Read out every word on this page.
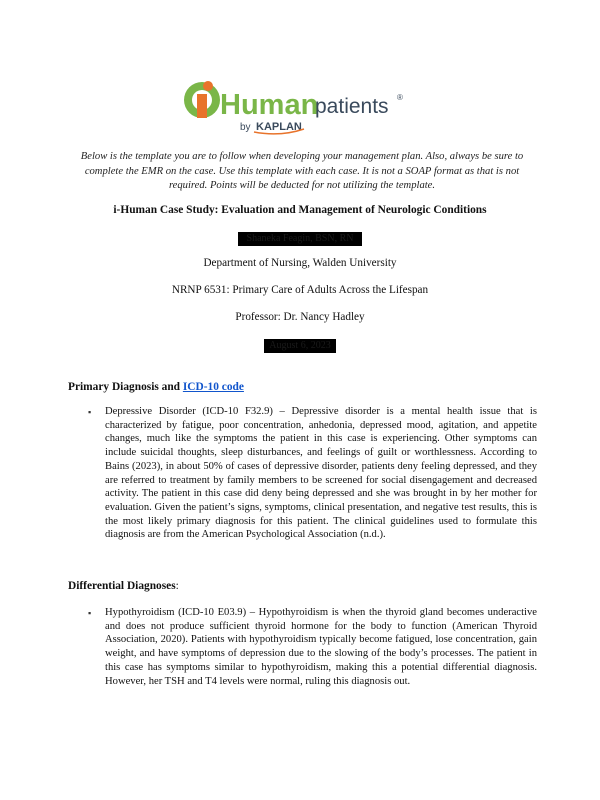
Human
patients ®
by KAPLAN
Below is the template you are to follow when developing your management plan. Also, always be sure to complete the EMR on the case. Use this template with each case. It is not a SOAP format as that is not required. Points will be deducted for not utilizing the template.
i-Human Case Study: Evaluation and Management of Neurologic Conditions
Shaneka Feagin, BSN, RN
Department of Nursing, Walden University
NRNP 6531: Primary Care of Adults Across the Lifespan
Professor: Dr. Nancy Hadley
August 6, 2023
Primary Diagnosis and ICD-10 code
▪ Depressive Disorder (ICD-10 F32.9) – Depressive disorder is a mental health issue that is characterized by fatigue, poor concentration, anhedonia, depressed mood, agitation, and appetite changes, much like the symptoms the patient in this case is experiencing. Other symptoms can include suicidal thoughts, sleep disturbances, and feelings of guilt or worthlessness. According to Bains (2023), in about 50% of cases of depressive disorder, patients deny feeling depressed, and they are referred to treatment by family members to be screened for social disengagement and decreased activity. The patient in this case did deny being depressed and she was brought in by her mother for evaluation. Given the patient’s signs, symptoms, clinical presentation, and negative test results, this is the most likely primary diagnosis for this patient. The clinical guidelines used to formulate this diagnosis are from the American Psychological Association (n.d.).
Differential Diagnoses:
▪ Hypothyroidism (ICD-10 E03.9) – Hypothyroidism is when the thyroid gland becomes underactive and does not produce sufficient thyroid hormone for the body to function (American Thyroid Association, 2020). Patients with hypothyroidism typically become fatigued, lose concentration, gain weight, and have symptoms of depression due to the slowing of the body’s processes. The patient in this case has symptoms similar to hypothyroidism, making this a potential differential diagnosis. However, her TSH and T4 levels were normal, ruling this diagnosis out.
